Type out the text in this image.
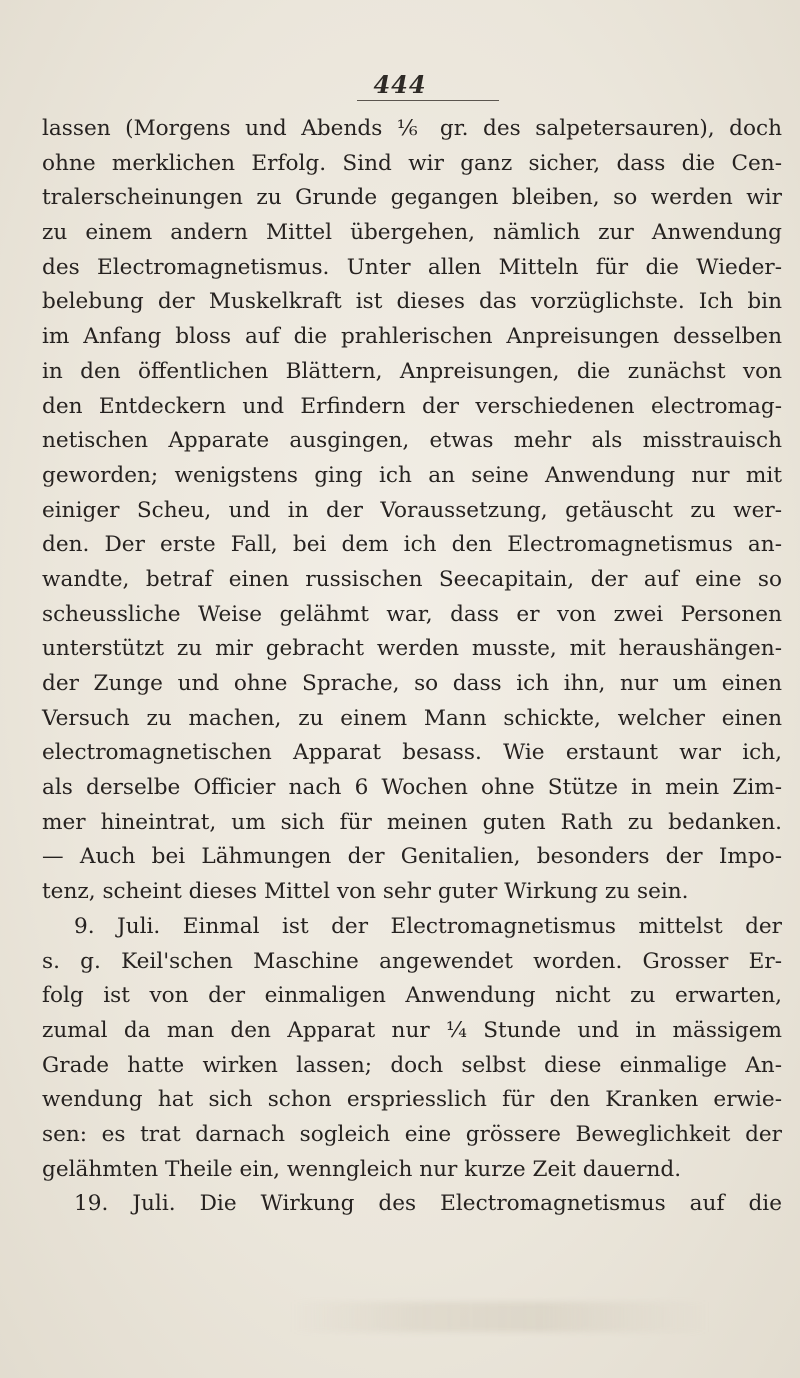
444
lassen (Morgens und Abends ⅙ gr. des salpetersauren), doch
ohne merklichen Erfolg. Sind wir ganz sicher, dass die Cen-
tralerscheinungen zu Grunde gegangen bleiben, so werden wir
zu einem andern Mittel übergehen, nämlich zur Anwendung
des Electromagnetismus. Unter allen Mitteln für die Wieder-
belebung der Muskelkraft ist dieses das vorzüglichste. Ich bin
im Anfang bloss auf die prahlerischen Anpreisungen desselben
in den öffentlichen Blättern, Anpreisungen, die zunächst von
den Entdeckern und Erfindern der verschiedenen electromag-
netischen Apparate ausgingen, etwas mehr als misstrauisch
geworden; wenigstens ging ich an seine Anwendung nur mit
einiger Scheu, und in der Voraussetzung, getäuscht zu wer-
den. Der erste Fall, bei dem ich den Electromagnetismus an-
wandte, betraf einen russischen Seecapitain, der auf eine so
scheussliche Weise gelähmt war, dass er von zwei Personen
unterstützt zu mir gebracht werden musste, mit heraushängen-
der Zunge und ohne Sprache, so dass ich ihn, nur um einen
Versuch zu machen, zu einem Mann schickte, welcher einen
electromagnetischen Apparat besass. Wie erstaunt war ich,
als derselbe Officier nach 6 Wochen ohne Stütze in mein Zim-
mer hineintrat, um sich für meinen guten Rath zu bedanken.
— Auch bei Lähmungen der Genitalien, besonders der Impo-
tenz, scheint dieses Mittel von sehr guter Wirkung zu sein.
9. Juli. Einmal ist der Electromagnetismus mittelst der
s. g. Keil'schen Maschine angewendet worden. Grosser Er-
folg ist von der einmaligen Anwendung nicht zu erwarten,
zumal da man den Apparat nur ¼ Stunde und in mässigem
Grade hatte wirken lassen; doch selbst diese einmalige An-
wendung hat sich schon erspriesslich für den Kranken erwie-
sen: es trat darnach sogleich eine grössere Beweglichkeit der
gelähmten Theile ein, wenngleich nur kurze Zeit dauernd.
19. Juli. Die Wirkung des Electromagnetismus auf die
